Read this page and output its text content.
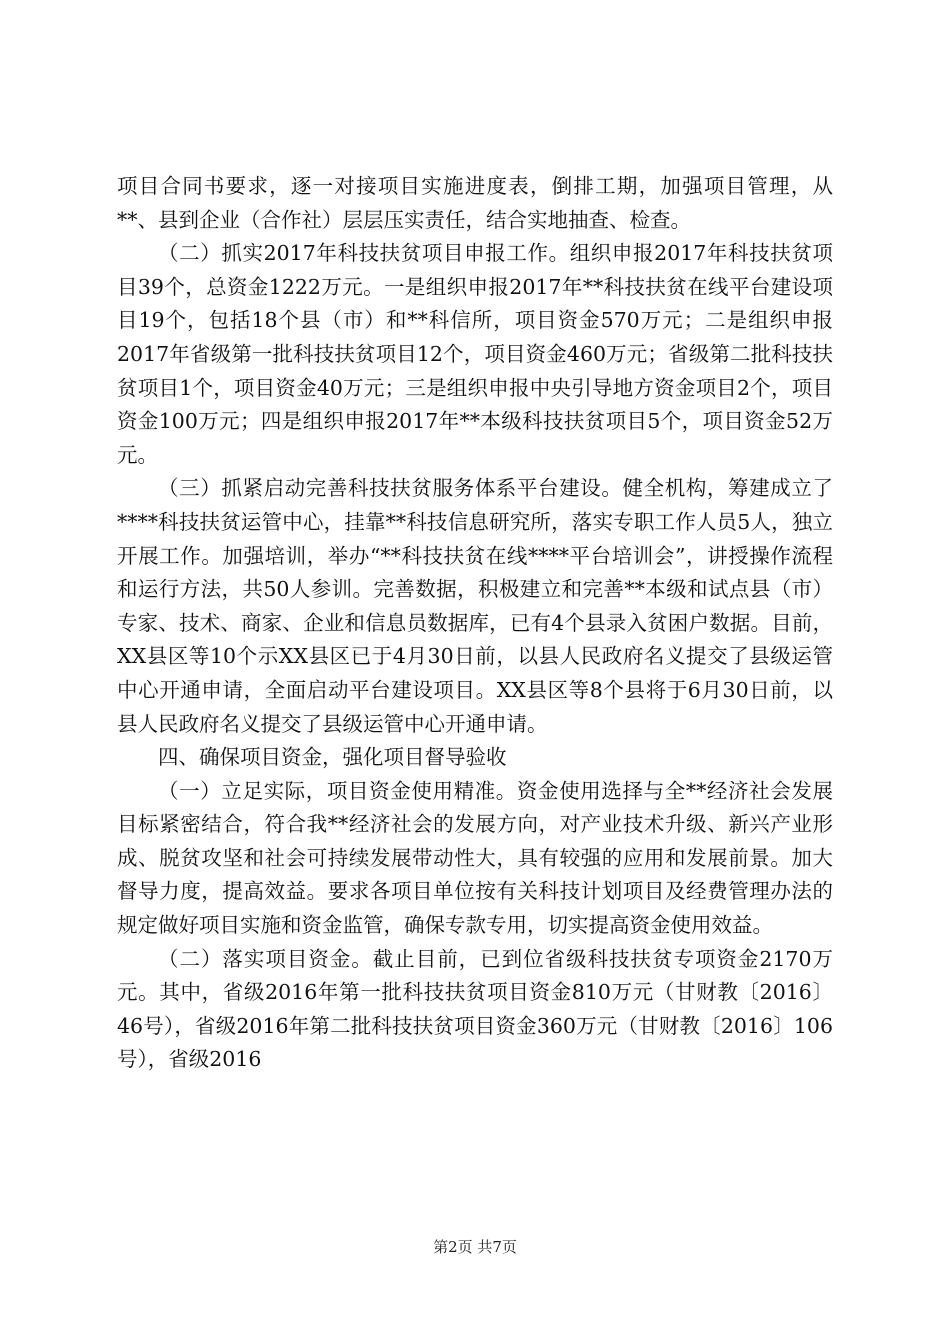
项目合同书要求，逐一对接项目实施进度表，倒排工期，加强项目管理，从**、县到企业（合作社）层层压实责任，结合实地抽查、检查。

（二）抓实2017年科技扶贫项目申报工作。组织申报2017年科技扶贫项目39个，总资金1222万元。一是组织申报2017年**科技扶贫在线平台建设项目19个，包括18个县（市）和**科信所，项目资金570万元；二是组织申报2017年省级第一批科技扶贫项目12个，项目资金460万元；省级第二批科技扶贫项目1个，项目资金40万元；三是组织申报中央引导地方资金项目2个，项目资金100万元；四是组织申报2017年**本级科技扶贫项目5个，项目资金52万元。

（三）抓紧启动完善科技扶贫服务体系平台建设。健全机构，筹建成立了****科技扶贫运管中心，挂靠**科技信息研究所，落实专职工作人员5人，独立开展工作。加强培训，举办“**科技扶贫在线****平台培训会”，讲授操作流程和运行方法，共50人参训。完善数据，积极建立和完善**本级和试点县（市）专家、技术、商家、企业和信息员数据库，已有4个县录入贫困户数据。目前，XX县区等10个示XX县区已于4月30日前，以县人民政府名义提交了县级运管中心开通申请，全面启动平台建设项目。XX县区等8个县将于6月30日前，以县人民政府名义提交了县级运管中心开通申请。

四、确保项目资金，强化项目督导验收

（一）立足实际，项目资金使用精准。资金使用选择与全**经济社会发展目标紧密结合，符合我**经济社会的发展方向，对产业技术升级、新兴产业形成、脱贫攻坚和社会可持续发展带动性大，具有较强的应用和发展前景。加大督导力度，提高效益。要求各项目单位按有关科技计划项目及经费管理办法的规定做好项目实施和资金监管，确保专款专用，切实提高资金使用效益。

（二）落实项目资金。截止目前，已到位省级科技扶贫专项资金2170万元。其中，省级2016年第一批科技扶贫项目资金810万元（甘财教〔2016〕46号），省级2016年第二批科技扶贫项目资金360万元（甘财教〔2016〕106号），省级2016

第2页 共7页
